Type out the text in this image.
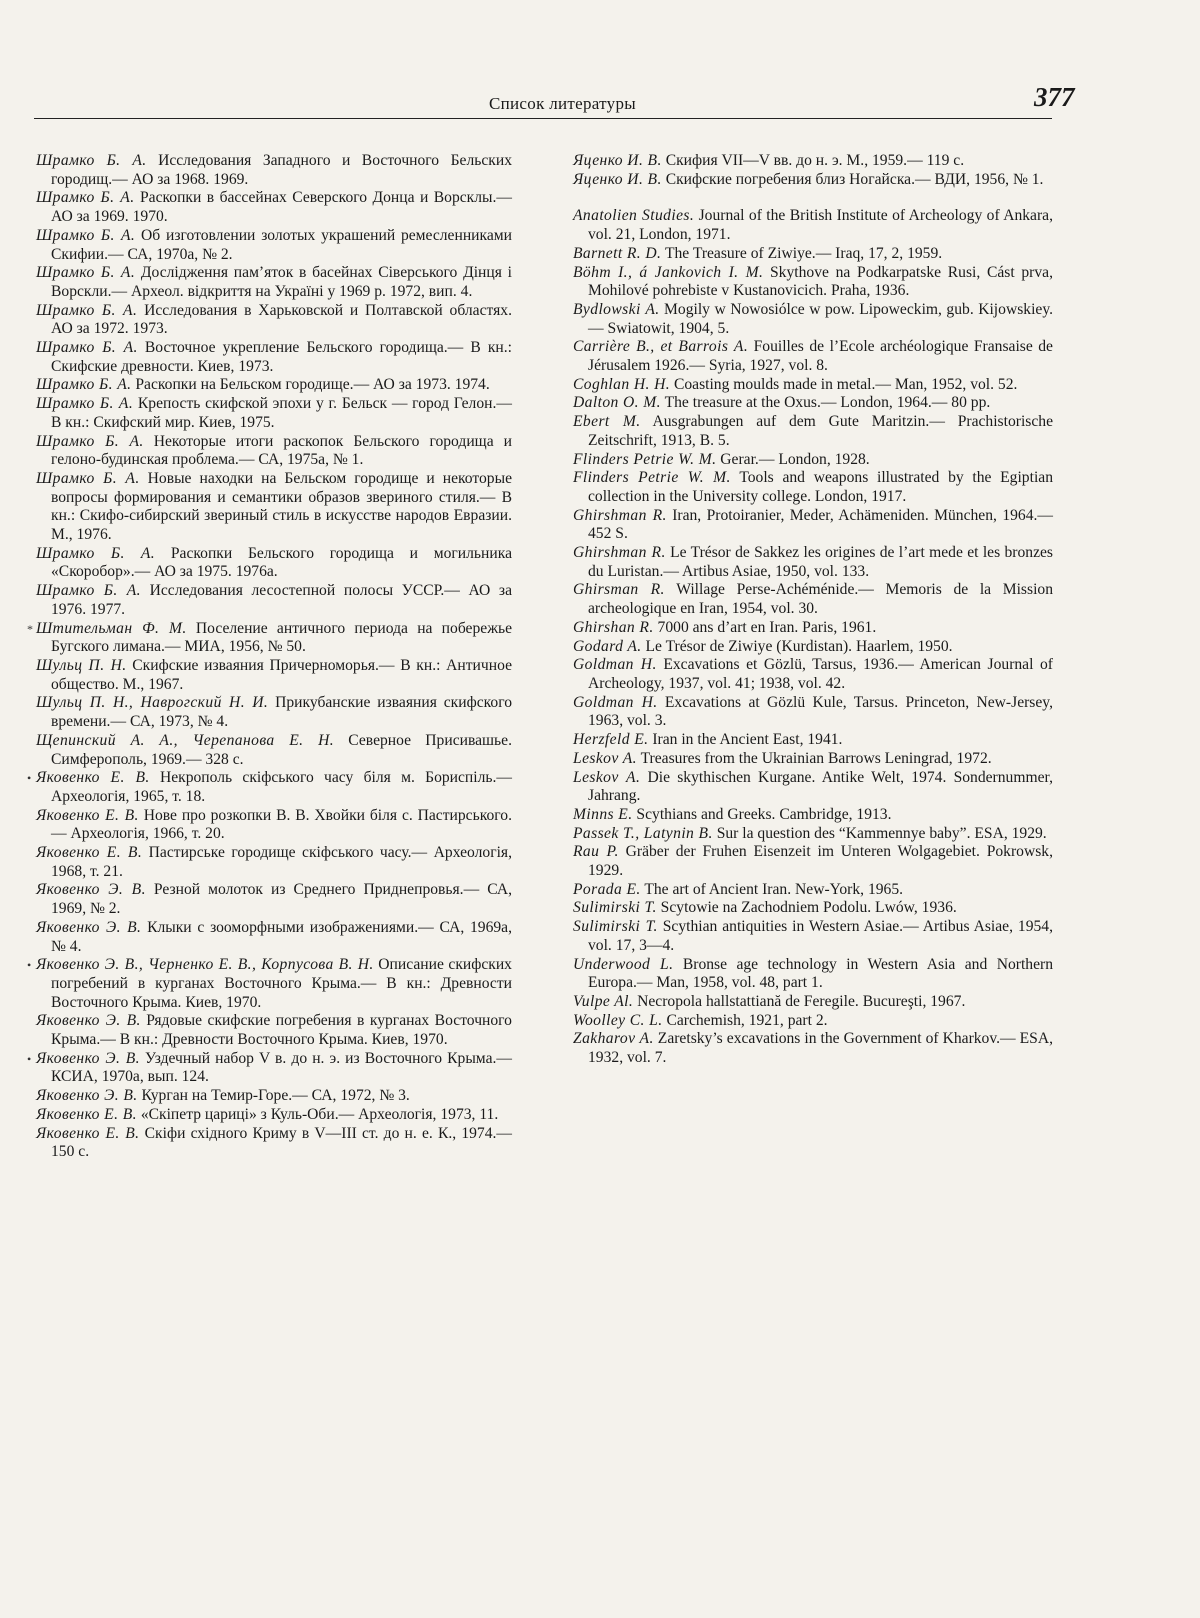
Список литературы	377

Шрамко Б. А. Исследования Западного и Восточного Бельских городищ.— АО за 1968. 1969.

Шрамко Б. А. Раскопки в бассейнах Северского Донца и Ворсклы.— АО за 1969. 1970.

Шрамко Б. А. Об изготовлении золотых украшений ремесленниками Скифии.— СА, 1970а, № 2.

Шрамко Б. А. Дослідження пам’яток в басейнах Сіверського Дінця і Ворскли.— Археол. відкриття на Україні у 1969 р. 1972, вип. 4.

Шрамко Б. А. Исследования в Харьковской и Полтавской областях. АО за 1972. 1973.

Шрамко Б. А. Восточное укрепление Бельского городища.— В кн.: Скифские древности. Киев, 1973.

Шрамко Б. А. Раскопки на Бельском городище.— АО за 1973. 1974.

Шрамко Б. А. Крепость скифской эпохи у г. Бельск — город Гелон.— В кн.: Скифский мир. Киев, 1975.

Шрамко Б. А. Некоторые итоги раскопок Бельского городища и гелоно-будинская проблема.— СА, 1975а, № 1.

Шрамко Б. А. Новые находки на Бельском городище и некоторые вопросы формирования и семантики образов звериного стиля.— В кн.: Скифо-сибирский звериный стиль в искусстве народов Евразии. М., 1976.

Шрамко Б. А. Раскопки Бельского городища и могильника «Скоробор».— АО за 1975. 1976а.

Шрамко Б. А. Исследования лесостепной полосы УССР.— АО за 1976. 1977.

* Штительман Ф. М. Поселение античного периода на побережье Бугского лимана.— МИА, 1956, № 50.

Шульц П. Н. Скифские изваяния Причерноморья.— В кн.: Античное общество. М., 1967.

Шульц П. Н., Наврогский Н. И. Прикубанские изваяния скифского времени.— СА, 1973, № 4.

Щепинский А. А., Черепанова Е. Н. Северное Присивашье. Симферополь, 1969.— 328 с.

• Яковенко Е. В. Некрополь скіфського часу біля м. Бориспіль.— Археологія, 1965, т. 18.

Яковенко Е. В. Нове про розкопки В. В. Хвойки біля с. Пастирського.— Археологія, 1966, т. 20.

Яковенко Е. В. Пастирське городище скіфського часу.— Археологія, 1968, т. 21.

Яковенко Э. В. Резной молоток из Среднего Приднепровья.— СА, 1969, № 2.

Яковенко Э. В. Клыки с зооморфными изображениями.— СА, 1969а, № 4.

• Яковенко Э. В., Черненко Е. В., Корпусова В. Н. Описание скифских погребений в курганах Восточного Крыма.— В кн.: Древности Восточного Крыма. Киев, 1970.

Яковенко Э. В. Рядовые скифские погребения в курганах Восточного Крыма.— В кн.: Древности Восточного Крыма. Киев, 1970.

• Яковенко Э. В. Уздечный набор V в. до н. э. из Восточного Крыма.— КСИА, 1970а, вып. 124.

Яковенко Э. В. Курган на Темир-Горе.— СА, 1972, № 3.

Яковенко Е. В. «Скіпетр цариці» з Куль-Оби.— Археологія, 1973, 11.

Яковенко Е. В. Скіфи східного Криму в V—III ст. до н. е. К., 1974.— 150 с.

Яценко И. В. Скифия VII—V вв. до н. э. М., 1959.— 119 с.

Яценко И. В. Скифские погребения близ Ногайска.— ВДИ, 1956, № 1.

Anatolien Studies. Journal of the British Institute of Archeology of Ankara, vol. 21, London, 1971.

Barnett R. D. The Treasure of Ziwiye.— Iraq, 17, 2, 1959.

Böhm I., á Jankovich I. M. Skythove na Podkarpatske Rusi, Cást prva, Mohilové pohrebiste v Kustanovicich. Praha, 1936.

Bydlowski A. Mogily w Nowosiólce w pow. Lipoweckim, gub. Kijowskiey.— Swiatowit, 1904, 5.

Carrière B., et Barrois A. Fouilles de l’Ecole archéologique Fransaise de Jérusalem 1926.— Syria, 1927, vol. 8.

Coghlan H. H. Coasting moulds made in metal.— Man, 1952, vol. 52.

Dalton O. M. The treasure at the Oxus.— London, 1964.— 80 pp.

Ebert M. Ausgrabungen auf dem Gute Maritzin.— Prachistorische Zeitschrift, 1913, B. 5.

Flinders Petrie W. M. Gerar.— London, 1928.

Flinders Petrie W. M. Tools and weapons illustrated by the Egiptian collection in the University college. London, 1917.

Ghirshman R. Iran, Protoiranier, Meder, Achämeniden. München, 1964.— 452 S.

Ghirshman R. Le Trésor de Sakkez les origines de l’art mede et les bronzes du Luristan.— Artibus Asiae, 1950, vol. 133.

Ghirsman R. Willage Perse-Achéménide.— Memoris de la Mission archeologique en Iran, 1954, vol. 30.

Ghirshan R. 7000 ans d’art en Iran. Paris, 1961.

Godard A. Le Trésor de Ziwiye (Kurdistan). Haarlem, 1950.

Goldman H. Excavations et Gözlü, Tarsus, 1936.— American Journal of Archeology, 1937, vol. 41; 1938, vol. 42.

Goldman H. Excavations at Gözlü Kule, Tarsus. Princeton, New-Jersey, 1963, vol. 3.

Herzfeld E. Iran in the Ancient East, 1941.

Leskov A. Treasures from the Ukrainian Barrows Leningrad, 1972.

Leskov A. Die skythischen Kurgane. Antike Welt, 1974. Sondernummer, Jahrang.

Minns E. Scythians and Greeks. Cambridge, 1913.

Passek T., Latynin B. Sur la question des “Kammennye baby”. ESA, 1929.

Rau P. Gräber der Fruhen Eisenzeit im Unteren Wolgagebiet. Pokrowsk, 1929.

Porada E. The art of Ancient Iran. New-York, 1965.

Sulimirski T. Scytowie na Zachodniem Podolu. Lwów, 1936.

Sulimirski T. Scythian antiquities in Western Asiae.— Artibus Asiae, 1954, vol. 17, 3—4.

Underwood L. Bronse age technology in Western Asia and Northern Europa.— Man, 1958, vol. 48, part 1.

Vulpe Al. Necropola hallstattiană de Feregile. Bucureşti, 1967.

Woolley C. L. Carchemish, 1921, part 2.

Zakharov A. Zaretsky’s excavations in the Government of Kharkov.— ESA, 1932, vol. 7.
